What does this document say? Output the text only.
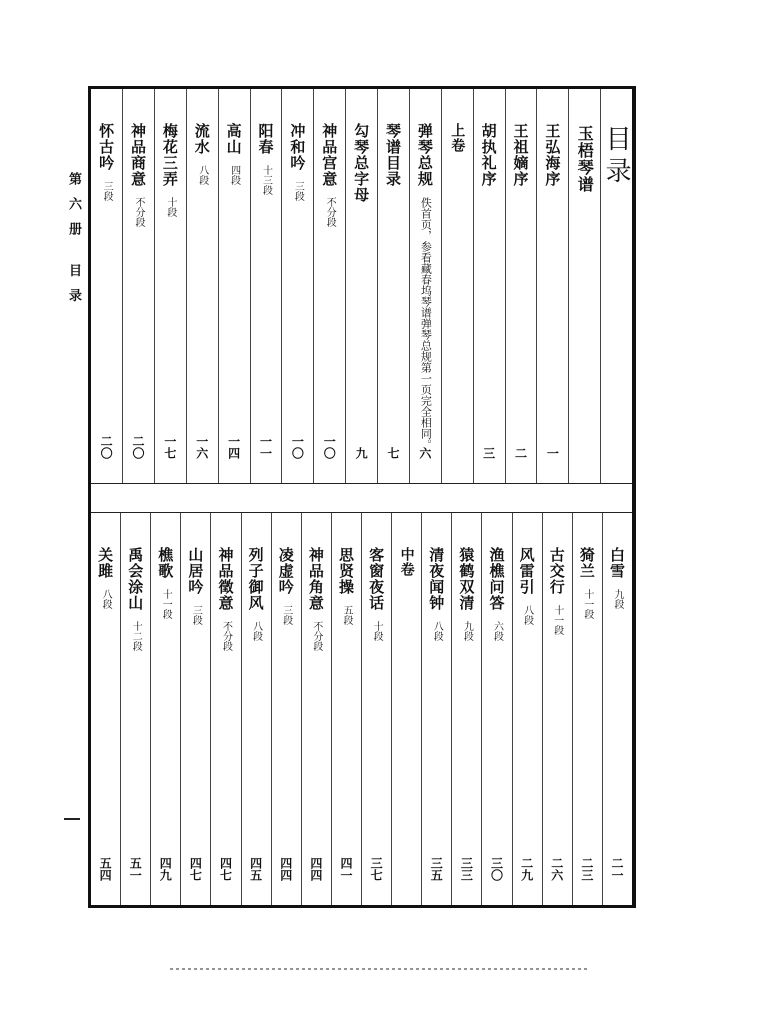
第六册 目录
目录
玉梧琴谱
王弘海序
一
王祖嫡序
二
胡执礼序
三
上卷
弹琴总规
佚首页，参看藏春坞琴谱弹琴总规第一页完全相同。
六
琴谱目录
七
勾琴总字母
九
神品宫意不分段
一〇
冲和吟三段
一〇
阳春十三段
一一
高山四段
一四
流水八段
一六
梅花三弄十段
一七
神品商意不分段
二〇
怀古吟三段
二〇
白雪九段
二一
猗兰十一段
二三
古交行十一段
二六
风雷引八段
二九
渔樵问答六段
三〇
猿鹤双清九段
三三
清夜闻钟八段
三五
中卷
客窗夜话十段
三七
思贤操五段
四一
神品角意不分段
四四
凌虚吟三段
四四
列子御风八段
四五
神品徵意不分段
四七
山居吟三段
四七
樵歌十一段
四九
禹会涂山十二段
五一
关雎八段
五四
